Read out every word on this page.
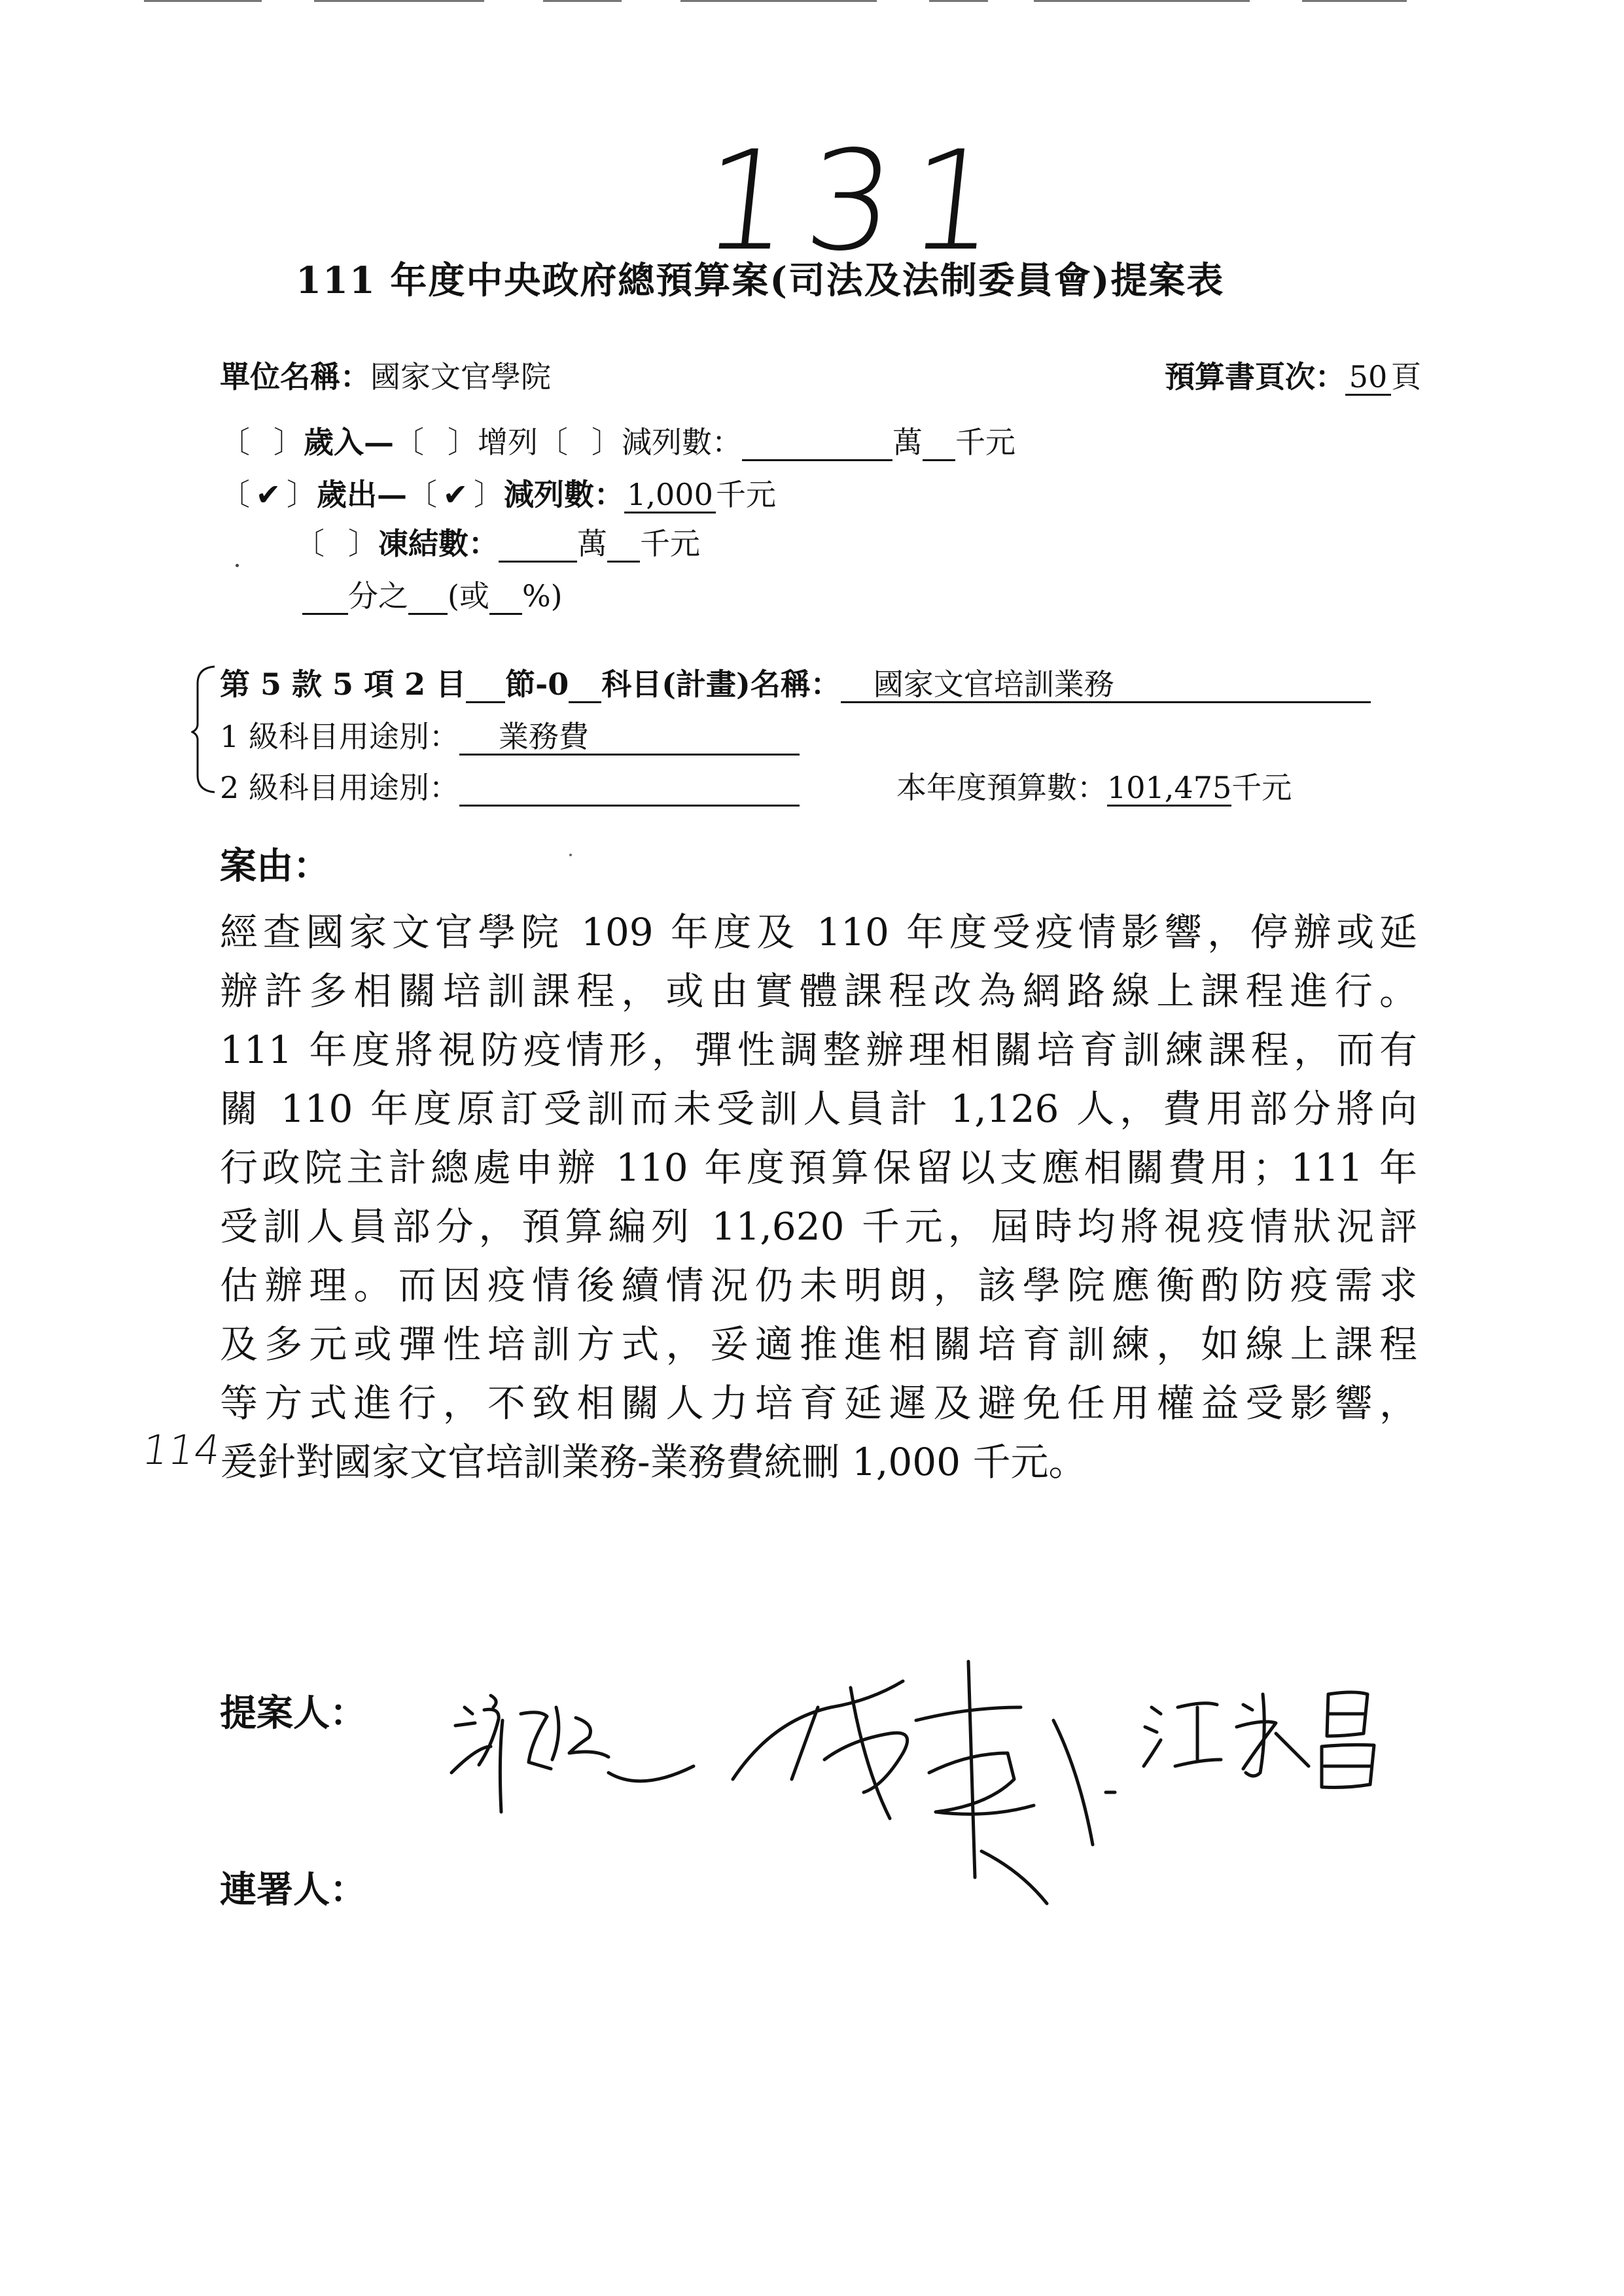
131
111 年度中央政府總預算案(司法及法制委員會)提案表
單位名稱：國家文官學院	預算書頁次： 50 頁
〔 〕歲入—〔 〕增列〔 〕減列數：	萬 千元
〔 ✔ 〕歲出—〔 ✔ 〕減列數：1,000千元
〔 〕凍結數：	萬 千元
分之 (或 %)
第 5 款 5 項 2 目 節-0 科目(計畫)名稱： 國家文官培訓業務
1 級科目用途別： 業務費
2 級科目用途別：	本年度預算數：101,475千元
案由：
經查國家文官學院 109 年度及 110 年度受疫情影響，停辦或延
辦許多相關培訓課程，或由實體課程改為網路線上課程進行。
111 年度將視防疫情形，彈性調整辦理相關培育訓練課程，而有
關 110 年度原訂受訓而未受訓人員計 1,126 人，費用部分將向
行政院主計總處申辦 110 年度預算保留以支應相關費用；111 年
受訓人員部分，預算編列 11,620 千元，屆時均將視疫情狀況評
估辦理。而因疫情後續情況仍未明朗，該學院應衡酌防疫需求
及多元或彈性培訓方式，妥適推進相關培育訓練，如線上課程
等方式進行，不致相關人力培育延遲及避免任用權益受影響，
爰針對國家文官培訓業務-業務費統刪 1,000 千元。
114
提案人：
連署人：
